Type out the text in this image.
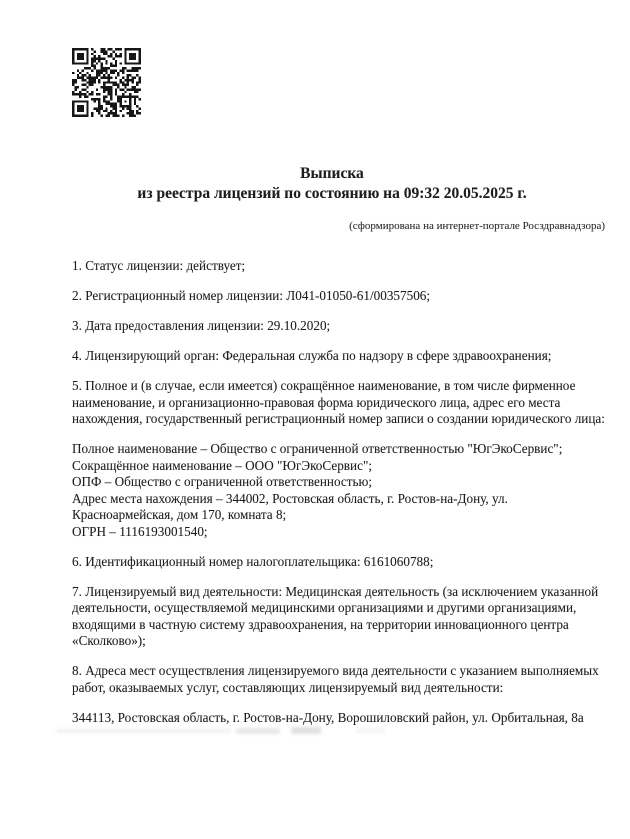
Выписка
из реестра лицензий по состоянию на 09:32 20.05.2025 г.
(сформирована на интернет-портале Росздравнадзора)
1. Статус лицензии: действует;
2. Регистрационный номер лицензии: Л041-01050-61/00357506;
3. Дата предоставления лицензии: 29.10.2020;
4. Лицензирующий орган: Федеральная служба по надзору в сфере здравоохранения;
5. Полное и (в случае, если имеется) сокращённое наименование, в том числе фирменное наименование, и организационно-правовая форма юридического лица, адрес его места нахождения, государственный регистрационный номер записи о создании юридического лица:
Полное наименование – Общество с ограниченной ответственностью "ЮгЭкоСервис";
Сокращённое наименование – ООО "ЮгЭкоСервис";
ОПФ – Общество с ограниченной ответственностью;
Адрес места нахождения – 344002, Ростовская область, г. Ростов-на-Дону, ул. Красноармейская, дом 170, комната 8;
ОГРН – 1116193001540;
6. Идентификационный номер налогоплательщика: 6161060788;
7. Лицензируемый вид деятельности: Медицинская деятельность (за исключением указанной деятельности, осуществляемой медицинскими организациями и другими организациями, входящими в частную систему здравоохранения, на территории инновационного центра «Сколково»);
8. Адреса мест осуществления лицензируемого вида деятельности с указанием выполняемых работ, оказываемых услуг, составляющих лицензируемый вид деятельности:
344113, Ростовская область, г. Ростов-на-Дону, Ворошиловский район, ул. Орбитальная, 8а
